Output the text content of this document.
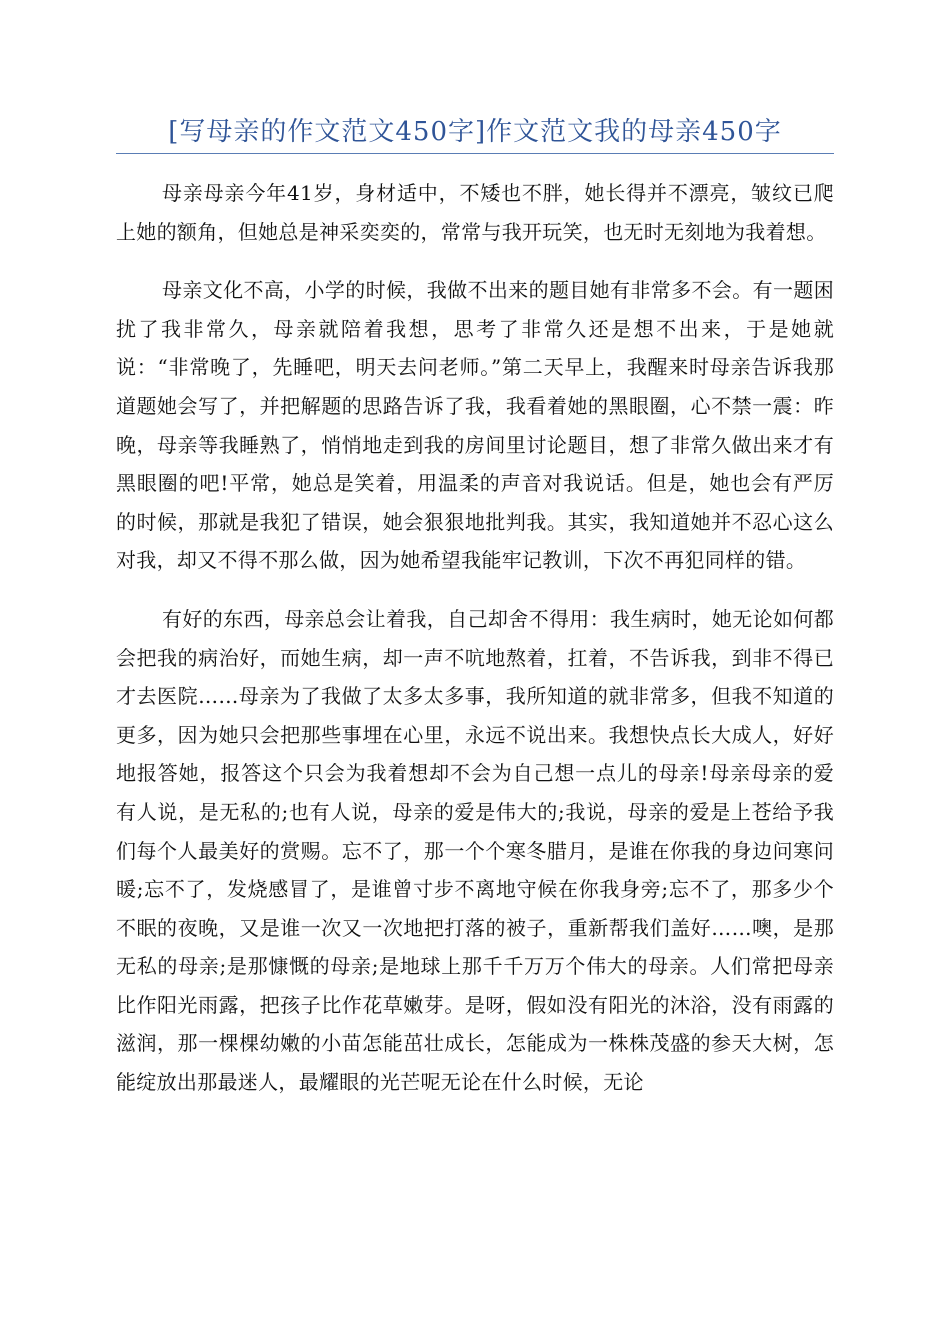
[写母亲的作文范文450字]作文范文我的母亲450字

母亲母亲今年41岁，身材适中，不矮也不胖，她长得并不漂亮，皱纹已爬上她的额角，但她总是神采奕奕的，常常与我开玩笑，也无时无刻地为我着想。

母亲文化不高，小学的时候，我做不出来的题目她有非常多不会。有一题困扰了我非常久，母亲就陪着我想，思考了非常久还是想不出来，于是她就说：“非常晚了，先睡吧，明天去问老师。”第二天早上，我醒来时母亲告诉我那道题她会写了，并把解题的思路告诉了我，我看着她的黑眼圈，心不禁一震：昨晚，母亲等我睡熟了，悄悄地走到我的房间里讨论题目，想了非常久做出来才有黑眼圈的吧!平常，她总是笑着，用温柔的声音对我说话。但是，她也会有严厉的时候，那就是我犯了错误，她会狠狠地批判我。其实，我知道她并不忍心这么对我，却又不得不那么做，因为她希望我能牢记教训，下次不再犯同样的错。

有好的东西，母亲总会让着我，自己却舍不得用：我生病时，她无论如何都会把我的病治好，而她生病，却一声不吭地熬着，扛着，不告诉我，到非不得已才去医院……母亲为了我做了太多太多事，我所知道的就非常多，但我不知道的更多，因为她只会把那些事埋在心里，永远不说出来。我想快点长大成人，好好地报答她，报答这个只会为我着想却不会为自己想一点儿的母亲!母亲母亲的爱有人说，是无私的;也有人说，母亲的爱是伟大的;我说，母亲的爱是上苍给予我们每个人最美好的赏赐。忘不了，那一个个寒冬腊月，是谁在你我的身边问寒问暖;忘不了，发烧感冒了，是谁曾寸步不离地守候在你我身旁;忘不了，那多少个不眠的夜晚，又是谁一次又一次地把打落的被子，重新帮我们盖好……噢，是那无私的母亲;是那慷慨的母亲;是地球上那千千万万个伟大的母亲。人们常把母亲比作阳光雨露，把孩子比作花草嫩芽。是呀，假如没有阳光的沐浴，没有雨露的滋润，那一棵棵幼嫩的小苗怎能茁壮成长，怎能成为一株株茂盛的参天大树，怎能绽放出那最迷人，最耀眼的光芒呢无论在什么时候，无论
